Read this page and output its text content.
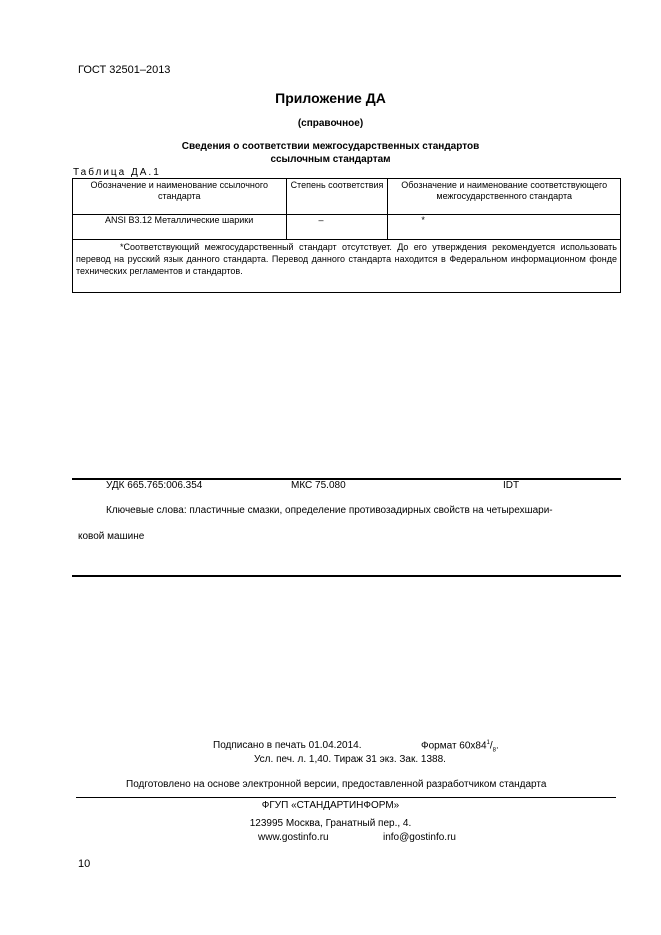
ГОСТ 32501–2013
Приложение ДА
(справочное)
Сведения о соответствии межгосударственных стандартов
ссылочным стандартам
Таблица ДА.1
Обозначение и наименование ссылочного стандарта	Степень соответствия	Обозначение и наименование соответствующего межгосударственного стандарта
ANSI B3.12 Металлические шарики	–	*

*Соответствующий межгосударственный стандарт отсутствует. До его утверждения рекомендуется использовать перевод на русский язык данного стандарта. Перевод данного стандарта находится в Федеральном информационном фонде технических регламентов и стандартов.		
УДК 665.765:006.354	МКС 75.080	IDT
Ключевые слова: пластичные смазки, определение противозадирных свойств на четырехшари-
ковой машине
Подписано в печать 01.04.2014.	Формат $60x84^1/_8$.
Усл. печ. л. 1,40. Тираж 31 экз. Зак. 1388.
Подготовлено на основе электронной версии, предоставленной разработчиком стандарта
ФГУП «СТАНДАРТИНФОРМ»
123995 Москва, Гранатный пер., 4.
www.gostinfo.ru	info@gostinfo.ru
10
